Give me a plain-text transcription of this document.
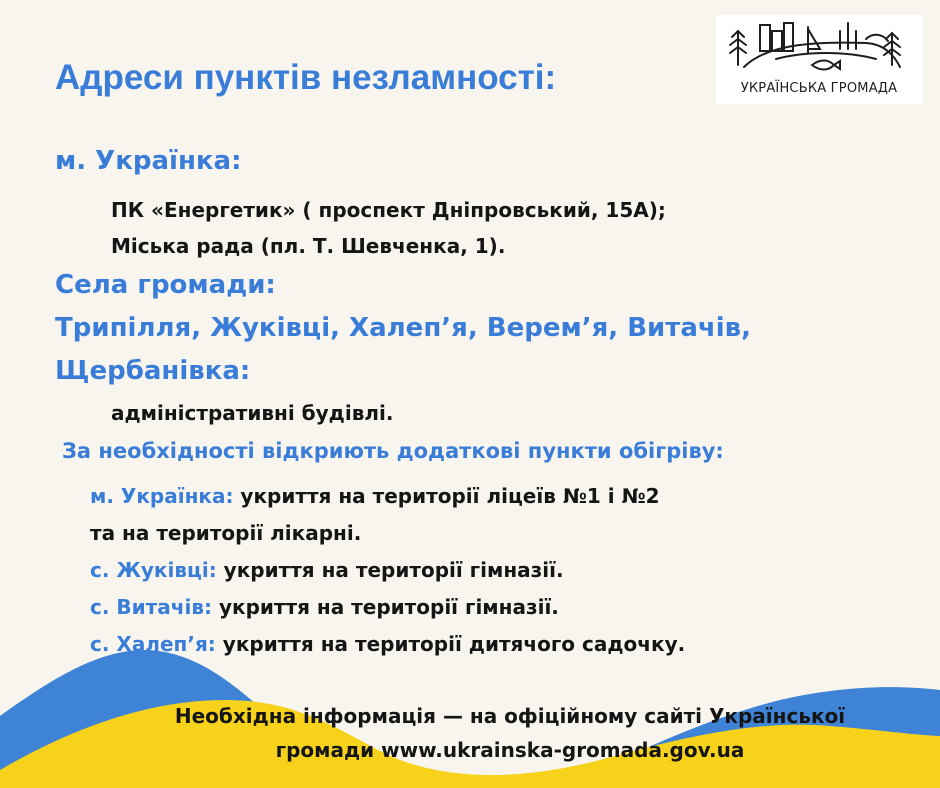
Адреси пунктів незламності:	УКРАЇНСЬКА ГРОМАДА
м. Українка:
ПК «Енергетик» ( проспект Дніпровський, 15А);
Міська рада (пл. Т. Шевченка, 1).
Села громади:
Трипілля, Жуківці, Халеп’я, Верем’я, Витачів,
Щербанівка:
адміністративні будівлі.
За необхідності відкриють додаткові пункти обігріву:
м. Українка: укриття на території ліцеїв №1 і №2
та на території лікарні.
с. Жуківці: укриття на території гімназії.
с. Витачів: укриття на території гімназії.
с. Халеп’я: укриття на території дитячого садочку.
Необхідна інформація — на офіційному сайті Української
громади www.ukrainska-gromada.gov.ua
